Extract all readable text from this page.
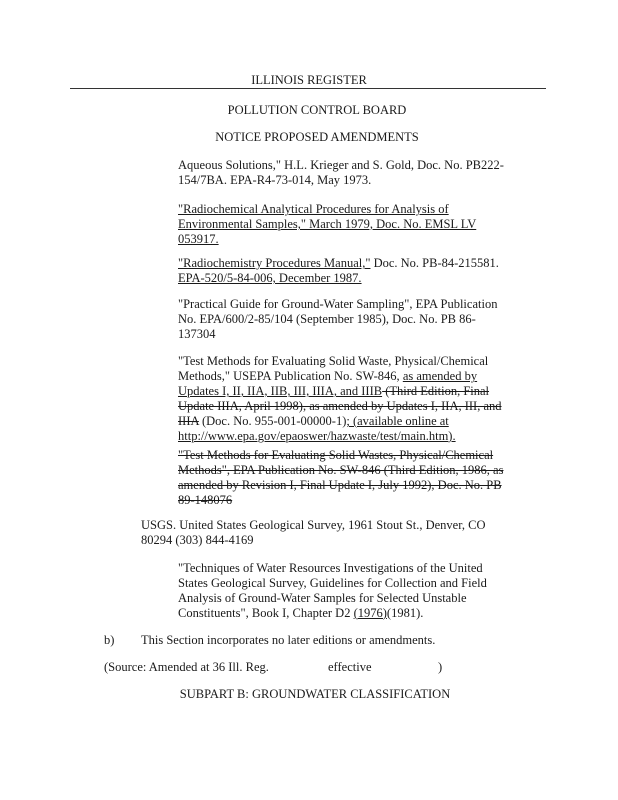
ILLINOIS REGISTER
POLLUTION CONTROL BOARD
NOTICE PROPOSED AMENDMENTS
Aqueous Solutions," H.L. Krieger and S. Gold, Doc. No. PB222-
154/7BA. EPA-R4-73-014, May 1973.
"Radiochemical Analytical Procedures for Analysis of
Environmental Samples," March 1979, Doc. No. EMSL LV
053917.
"Radiochemistry Procedures Manual," Doc. No. PB-84-215581.
EPA-520/5-84-006, December 1987.
"Practical Guide for Ground-Water Sampling", EPA Publication
No. EPA/600/2-85/104 (September 1985), Doc. No. PB 86-
137304
"Test Methods for Evaluating Solid Waste, Physical/Chemical
Methods," USEPA Publication No. SW-846, as amended by
Updates I, II, IIA, IIB, III, IIIA, and IIIB (Third Edition, Final
Update IIIA, April 1998), as amended by Updates I, IIA, III, and
IIIA (Doc. No. 955-001-00000-1); (available online at
http://www.epa.gov/epaoswer/hazwaste/test/main.htm).
"Test Methods for Evaluating Solid Wastes, Physical/Chemical
Methods", EPA Publication No. SW-846 (Third Edition, 1986, as
amended by Revision I, Final Update I, July 1992), Doc. No. PB
89-148076
USGS. United States Geological Survey, 1961 Stout St., Denver, CO
80294 (303) 844-4169
"Techniques of Water Resources Investigations of the United
States Geological Survey, Guidelines for Collection and Field
Analysis of Ground-Water Samples for Selected Unstable
Constituents", Book I, Chapter D2 (1976)(1981).
b) This Section incorporates no later editions or amendments.
(Source: Amended at 36 Ill. Reg.	effective	)
SUBPART B: GROUNDWATER CLASSIFICATION
